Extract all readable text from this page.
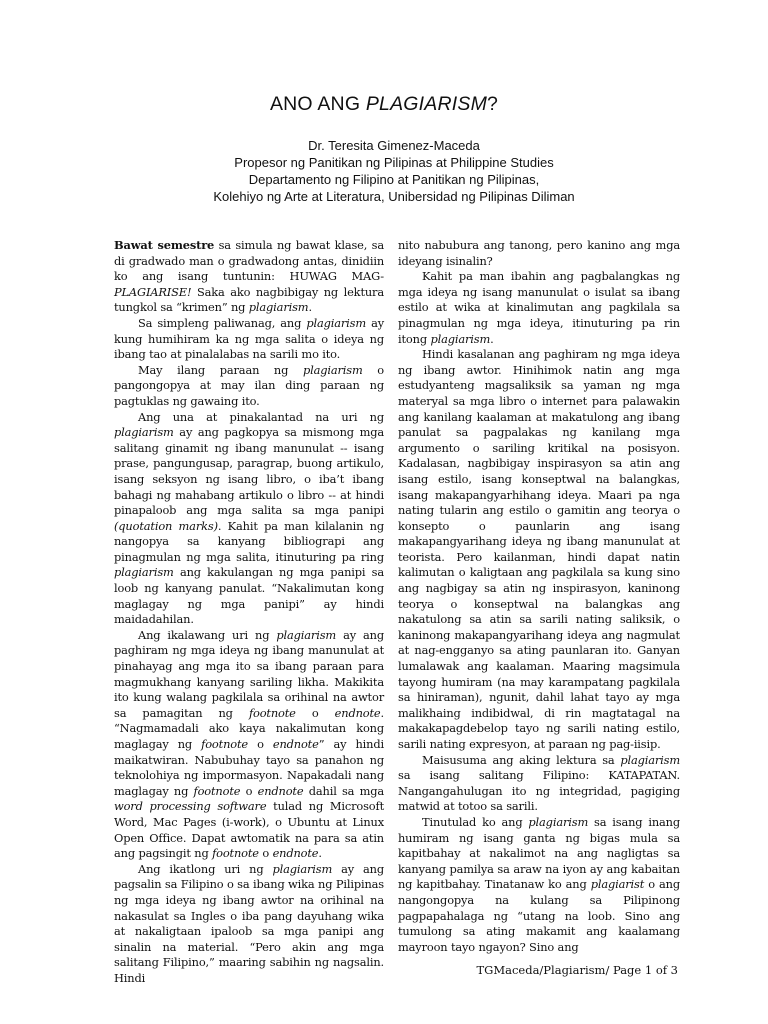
ANO ANG PLAGIARISM?
Dr. Teresita Gimenez-Maceda
Propesor ng Panitikan ng Pilipinas at Philippine Studies
Departamento ng Filipino at Panitikan ng Pilipinas,
Kolehiyo ng Arte at Literatura, Unibersidad ng Pilipinas Diliman

Bawat semestre sa simula ng bawat klase, sa di gradwado man o gradwadong antas, dinidiin ko ang isang tuntunin: HUWAG MAG-PLAGIARISE! Saka ako nagbibigay ng lektura tungkol sa “krimen” ng plagiarism.

Sa simpleng paliwanag, ang plagiarism ay kung humihiram ka ng mga salita o ideya ng ibang tao at pinalalabas na sarili mo ito.

May ilang paraan ng plagiarism o pangongopya at may ilan ding paraan ng pagtuklas ng gawaing ito.

Ang una at pinakalantad na uri ng plagiarism ay ang pagkopya sa mismong mga salitang ginamit ng ibang manunulat -- isang prase, pangungusap, paragrap, buong artikulo, isang seksyon ng isang libro, o iba’t ibang bahagi ng mahabang artikulo o libro -- at hindi pinapaloob ang mga salita sa mga panipi (quotation marks). Kahit pa man kilalanin ng nangopya sa kanyang bibliograpi ang pinagmulan ng mga salita, itinuturing pa ring plagiarism ang kakulangan ng mga panipi sa loob ng kanyang panulat. “Nakalimutan kong maglagay ng mga panipi” ay hindi maidadahilan.

Ang ikalawang uri ng plagiarism ay ang paghiram ng mga ideya ng ibang manunulat at pinahayag ang mga ito sa ibang paraan para magmukhang kanyang sariling likha. Makikita ito kung walang pagkilala sa orihinal na awtor sa pamagitan ng footnote o endnote. “Nagmamadali ako kaya nakalimutan kong maglagay ng footnote o endnote” ay hindi maikatwiran. Nabubuhay tayo sa panahon ng teknolohiya ng impormasyon. Napakadali nang maglagay ng footnote o endnote dahil sa mga word processing software tulad ng Microsoft Word, Mac Pages (i-work), o Ubuntu at Linux Open Office. Dapat awtomatik na para sa atin ang pagsingit ng footnote o endnote.

Ang ikatlong uri ng plagiarism ay ang pagsalin sa Filipino o sa ibang wika ng Pilipinas ng mga ideya ng ibang awtor na orihinal na nakasulat sa Ingles o iba pang dayuhang wika at nakaligtaan ipaloob sa mga panipi ang sinalin na material. “Pero akin ang mga salitang Filipino,” maaring sabihin ng nagsalin. Hindi

nito nabubura ang tanong, pero kanino ang mga ideyang isinalin?

Kahit pa man ibahin ang pagbalangkas ng mga ideya ng isang manunulat o isulat sa ibang estilo at wika at kinalimutan ang pagkilala sa pinagmulan ng mga ideya, itinuturing pa rin itong plagiarism.

Hindi kasalanan ang paghiram ng mga ideya ng ibang awtor. Hinihimok natin ang mga estudyanteng magsaliksik sa yaman ng mga materyal sa mga libro o internet para palawakin ang kanilang kaalaman at makatulong ang ibang panulat sa pagpalakas ng kanilang mga argumento o sariling kritikal na posisyon. Kadalasan, nagbibigay inspirasyon sa atin ang isang estilo, isang konseptwal na balangkas, isang makapangyarhihang ideya. Maari pa nga nating tularin ang estilo o gamitin ang teorya o konsepto o paunlarin ang isang makapangyarihang ideya ng ibang manunulat at teorista. Pero kailanman, hindi dapat natin kalimutan o kaligtaan ang pagkilala sa kung sino ang nagbigay sa atin ng inspirasyon, kaninong teorya o konseptwal na balangkas ang nakatulong sa atin sa sarili nating saliksik, o kaninong makapangyarihang ideya ang nagmulat at nag-engganyo sa ating paunlaran ito. Ganyan lumalawak ang kaalaman. Maaring magsimula tayong humiram (na may karampatang pagkilala sa hiniraman), ngunit, dahil lahat tayo ay mga malikhaing indibidwal, di rin magtatagal na makakapagdebelop tayo ng sarili nating estilo, sarili nating expresyon, at paraan ng pag-iisip.

Maisusuma ang aking lektura sa plagiarism sa isang salitang Filipino: KATAPATAN. Nangangahulugan ito ng integridad, pagiging matwid at totoo sa sarili.

Tinutulad ko ang plagiarism sa isang inang humiram ng isang ganta ng bigas mula sa kapitbahay at nakalimot na ang nagligtas sa kanyang pamilya sa araw na iyon ay ang kabaitan ng kapitbahay. Tinatanaw ko ang plagiarist o ang nangongopya na kulang sa Pilipinong pagpapahalaga ng “utang na loob. Sino ang tumulong sa ating makamit ang kaalamang mayroon tayo ngayon? Sino ang

TGMaceda/Plagiarism/ Page 1 of 3
